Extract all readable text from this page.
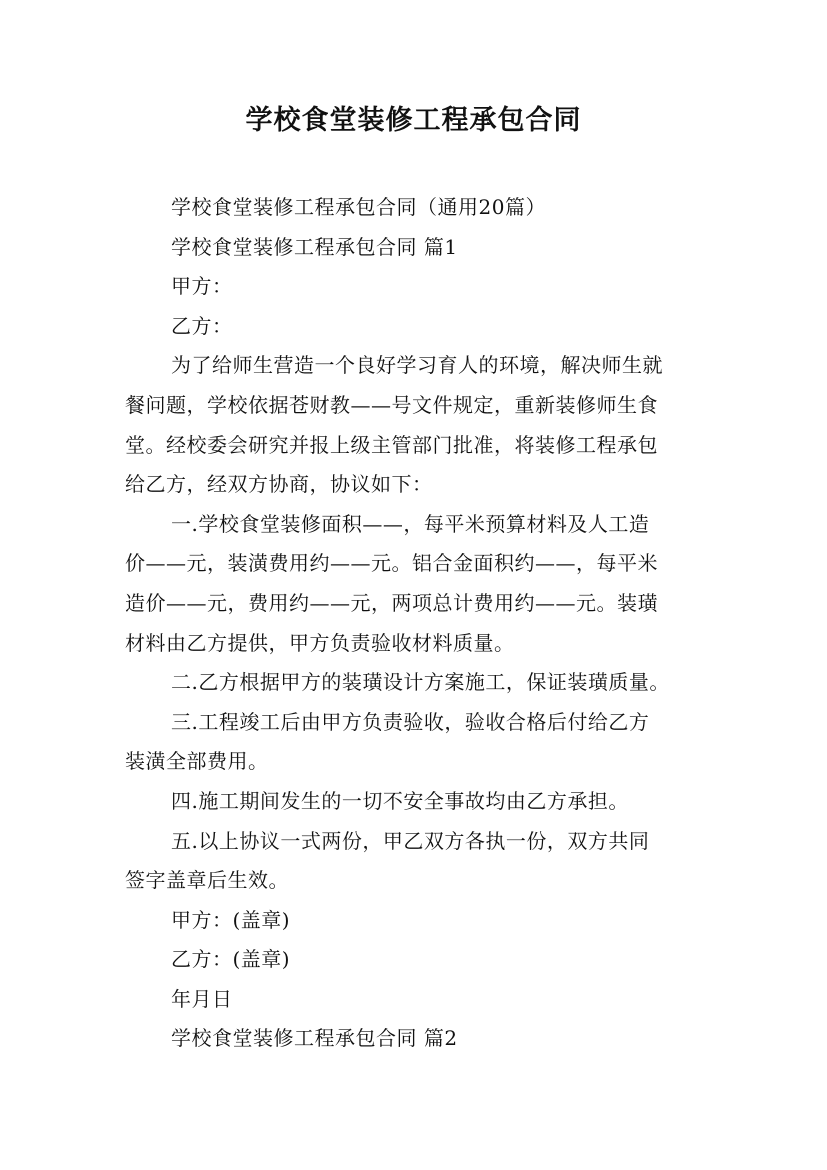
学校食堂装修工程承包合同
学校食堂装修工程承包合同（通用20篇）
学校食堂装修工程承包合同 篇1
甲方：
乙方：
为了给师生营造一个良好学习育人的环境，解决师生就
餐问题，学校依据苍财教——号文件规定，重新装修师生食
堂。经校委会研究并报上级主管部门批准，将装修工程承包
给乙方，经双方协商，协议如下：
一.学校食堂装修面积——，每平米预算材料及人工造
价——元，装潢费用约——元。铝合金面积约——，每平米
造价——元，费用约——元，两项总计费用约——元。装璜
材料由乙方提供，甲方负责验收材料质量。
二.乙方根据甲方的装璜设计方案施工，保证装璜质量。
三.工程竣工后由甲方负责验收，验收合格后付给乙方
装潢全部费用。
四.施工期间发生的一切不安全事故均由乙方承担。
五.以上协议一式两份，甲乙双方各执一份，双方共同
签字盖章后生效。
甲方：(盖章)
乙方：(盖章)
年月日
学校食堂装修工程承包合同 篇2
